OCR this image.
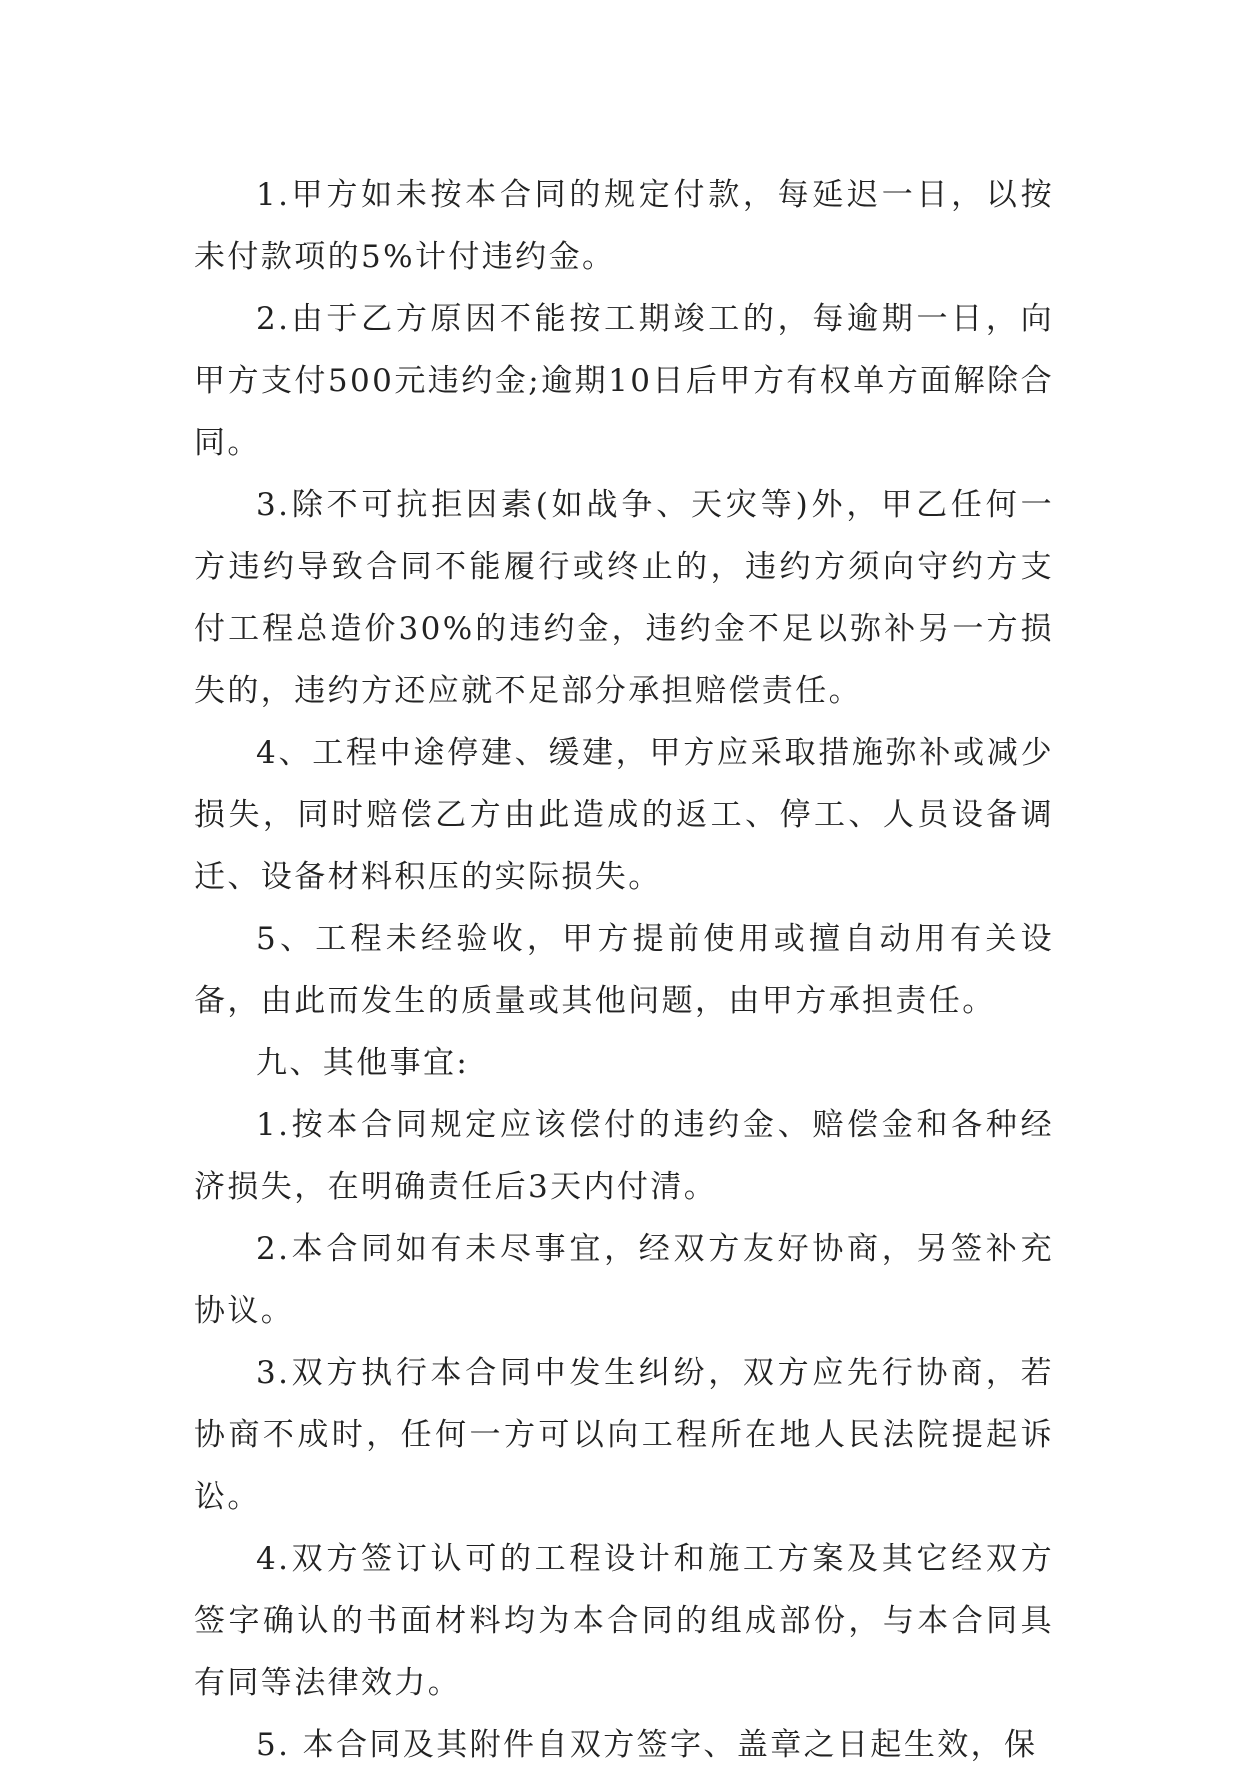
1.甲方如未按本合同的规定付款，每延迟一日，以按未付款项的5%计付违约金。

2.由于乙方原因不能按工期竣工的，每逾期一日，向甲方支付500元违约金;逾期10日后甲方有权单方面解除合同。

3.除不可抗拒因素(如战争、天灾等)外，甲乙任何一方违约导致合同不能履行或终止的，违约方须向守约方支付工程总造价30%的违约金，违约金不足以弥补另一方损失的，违约方还应就不足部分承担赔偿责任。

4、工程中途停建、缓建，甲方应采取措施弥补或减少损失，同时赔偿乙方由此造成的返工、停工、人员设备调迁、设备材料积压的实际损失。

5、工程未经验收，甲方提前使用或擅自动用有关设备，由此而发生的质量或其他问题，由甲方承担责任。

九、其他事宜:

1.按本合同规定应该偿付的违约金、赔偿金和各种经济损失，在明确责任后3天内付清。

2.本合同如有未尽事宜，经双方友好协商，另签补充协议。

3.双方执行本合同中发生纠纷，双方应先行协商，若协商不成时，任何一方可以向工程所在地人民法院提起诉讼。

4.双方签订认可的工程设计和施工方案及其它经双方签字确认的书面材料均为本合同的组成部份，与本合同具有同等法律效力。

5. 本合同及其附件自双方签字、盖章之日起生效，保
